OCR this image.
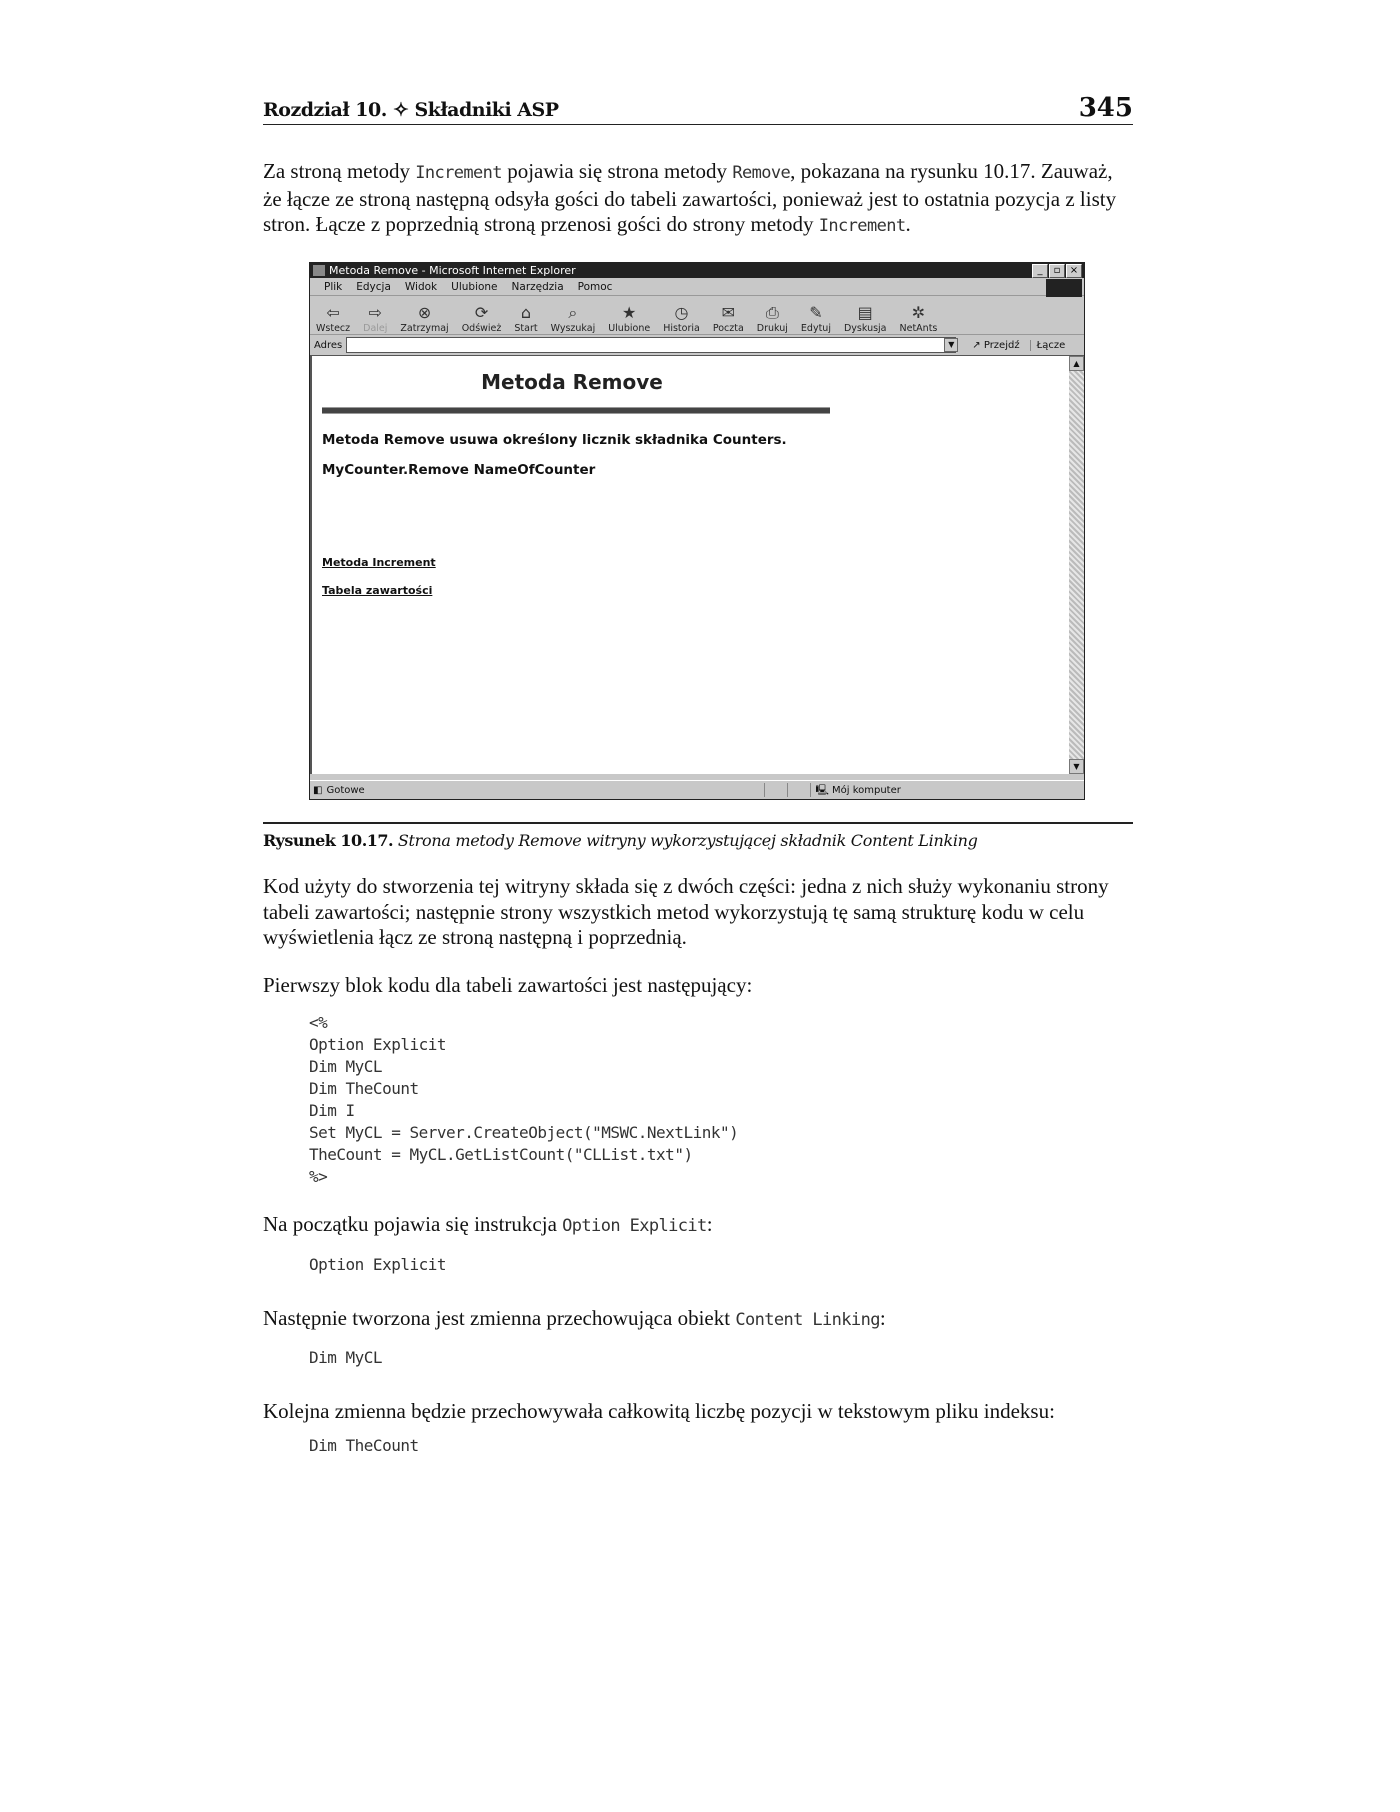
Rozdział 10. ✧ Składniki ASP	345

Za stroną metody Increment pojawia się strona metody Remove, pokazana na rysunku 10.17. Zauważ, że łącze ze stroną następną odsyła gości do tabeli zawartości, ponieważ jest to ostatnia pozycja z listy stron. Łącze z poprzednią stroną przenosi gości do strony metody Increment.

Metoda Remove - Microsoft Internet Explorer	_	▫ ×
Plik Edycja Widok Ulubione Narzędzia Pomoc
⇦
Wstecz
⇨
Dalej
⊗
Zatrzymaj
⟳
Odśwież
⌂
Start
⌕
Wyszukaj
★
Ulubione
◷
Historia
✉
Poczta
⎙
Drukuj
✎
Edytuj
▤
Dyskusja
✲
NetAnts
Adres	▼	↗ Przejdź	Łącze
Metoda Remove
Metoda Remove usuwa określony licznik składnika Counters.
MyCounter.Remove NameOfCounter
Metoda Increment
Tabela zawartości
▲
▼
◧ Gotowe	🖳 Mój komputer
Rysunek 10.17. Strona metody Remove witryny wykorzystującej składnik Content Linking

Kod użyty do stworzenia tej witryny składa się z dwóch części: jedna z nich służy wykonaniu strony tabeli zawartości; następnie strony wszystkich metod wykorzystują tę samą strukturę kodu w celu wyświetlenia łącz ze stroną następną i poprzednią.

Pierwszy blok kodu dla tabeli zawartości jest następujący:

<%
Option Explicit
Dim MyCL
Dim TheCount
Dim I
Set MyCL = Server.CreateObject("MSWC.NextLink")
TheCount = MyCL.GetListCount("CLList.txt")
%>

Na początku pojawia się instrukcja Option Explicit:

Option Explicit

Następnie tworzona jest zmienna przechowująca obiekt Content Linking:

Dim MyCL

Kolejna zmienna będzie przechowywała całkowitą liczbę pozycji w tekstowym pliku indeksu:

Dim TheCount
